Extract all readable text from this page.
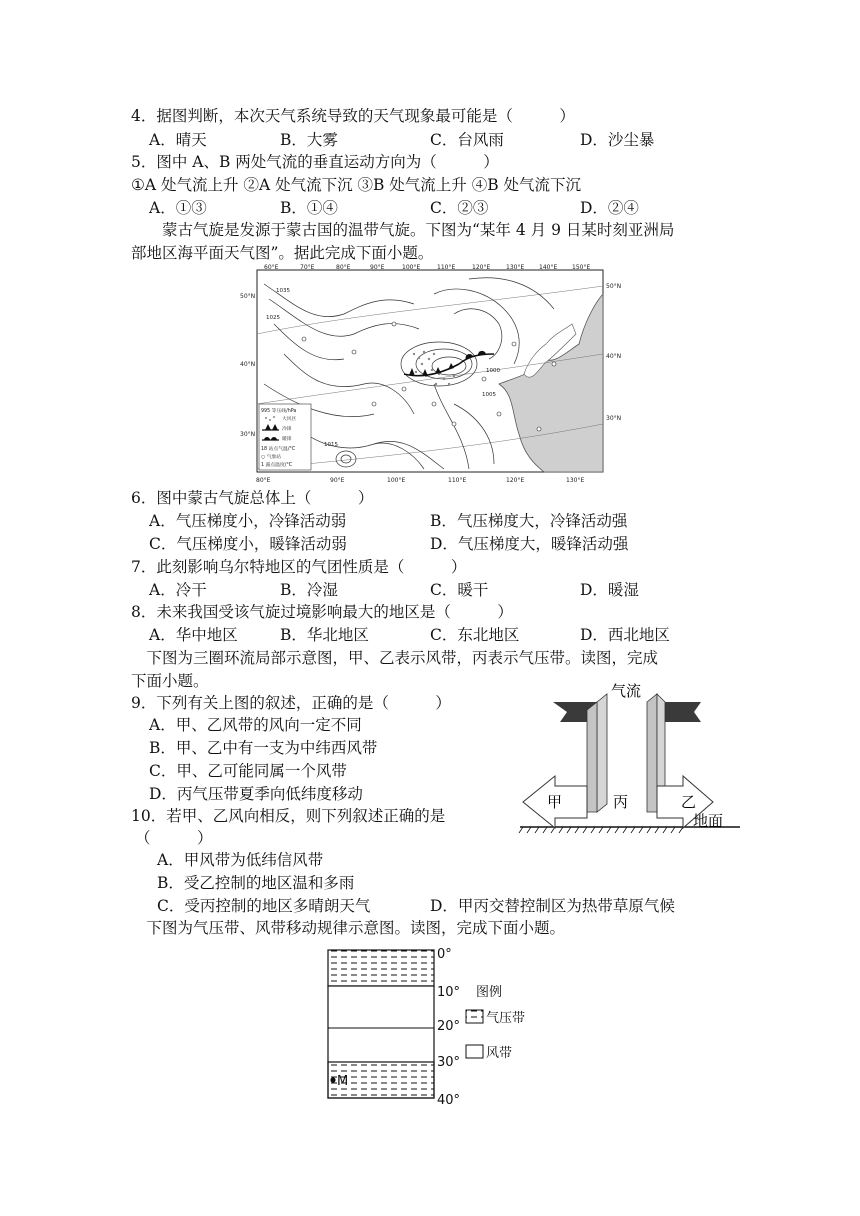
4．据图判断，本次天气系统导致的天气现象最可能是（　　　）
A．晴天	B．大雾	C．台风雨	D．沙尘暴
5．图中 A、B 两处气流的垂直运动方向为（　　　）
①A 处气流上升 ②A 处气流下沉 ③B 处气流上升 ④B 处气流下沉
A．①③	B．①④	C．②③	D．②④
　　蒙古气旋是发源于蒙古国的温带气旋。下图为“某年 4 月 9 日某时刻亚洲局
部地区海平面天气图”。据此完成下面小题。
60°E	70°E	80°E	90°E	100°E	110°E	120°E	130°E 140°E 150°E
80°E	90°E	100°E	110°E	120°E	130°E
50°N
40°N
30°N
50°N
40°N
30°N
1035
1025
1005
1000
1015
995 等压线/hPa
大风区
冷锋
暖锋
18 站点气温/°C
○ 气象站
1 露点温度/°C
6．图中蒙古气旋总体上（　　　）
A．气压梯度小，冷锋活动弱	B．气压梯度大，冷锋活动强
C．气压梯度小，暖锋活动弱	D．气压梯度大，暖锋活动强
7．此刻影响乌尔特地区的气团性质是（　　　）
A．冷干	B．冷湿	C．暖干	D．暖湿
8．未来我国受该气旋过境影响最大的地区是（　　　）
A．华中地区	B．华北地区	C．东北地区	D．西北地区
　下图为三圈环流局部示意图，甲、乙表示风带，丙表示气压带。读图，完成
下面小题。
9．下列有关上图的叙述，正确的是（　　　）
A．甲、乙风带的风向一定不同
B．甲、乙中有一支为中纬西风带
C．甲、乙可能同属一个风带
D．丙气压带夏季向低纬度移动
气流
甲	丙	乙
地面
10．若甲、乙风向相反，则下列叙述正确的是
（　　　）
A．甲风带为低纬信风带
B．受乙控制的地区温和多雨
C．受丙控制的地区多晴朗天气	D．甲丙交替控制区为热带草原气候
　下图为气压带、风带移动规律示意图。读图，完成下面小题。
M
0°
10°
20°
30°
40°
图例
气压带
风带
